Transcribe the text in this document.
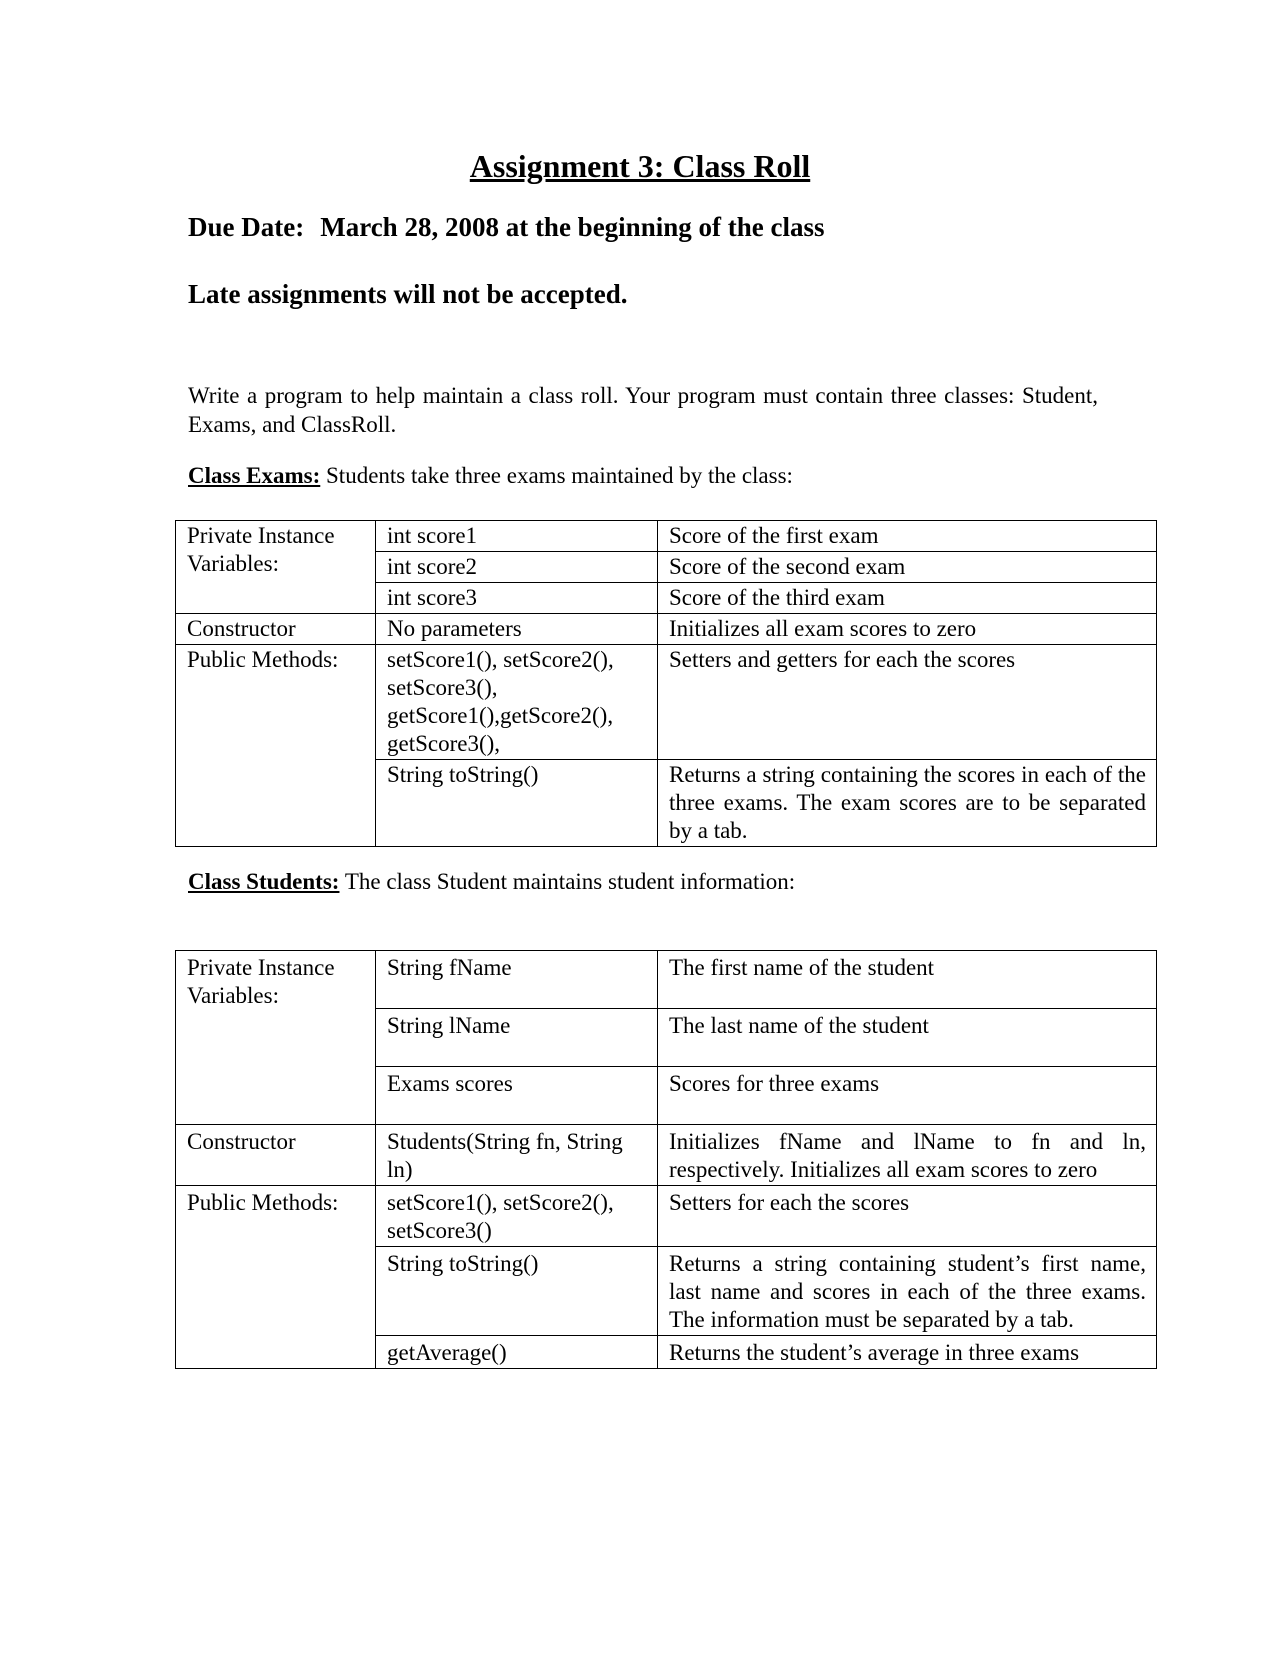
Assignment 3: Class Roll
Due Date: March 28, 2008 at the beginning of the class
Late assignments will not be accepted.
Write a program to help maintain a class roll. Your program must contain three classes: Student, Exams, and ClassRoll.
Class Exams: Students take three exams maintained by the class:
Private Instance Variables:	int score1	Score of the first exam
	int score2	Score of the second exam
	int score3	Score of the third exam
Constructor	No parameters	Initializes all exam scores to zero
Public Methods:	setScore1(), setScore2(), setScore3(), getScore1(),getScore2(), getScore3(),	Setters and getters for each the scores
	String toString()	Returns a string containing the scores in each of the three exams. The exam scores are to be separated by a tab.
Class Students: The class Student maintains student information:
Private Instance Variables:	String fName	The first name of the student
	String lName	The last name of the student
	Exams scores	Scores for three exams
Constructor	Students(String fn, String ln)	Initializes fName and lName to fn and ln, respectively. Initializes all exam scores to zero
Public Methods:	setScore1(), setScore2(), setScore3()	Setters for each the scores
	String toString()	Returns a string containing student’s first name, last name and scores in each of the three exams. The information must be separated by a tab.
	getAverage()	Returns the student’s average in three exams
